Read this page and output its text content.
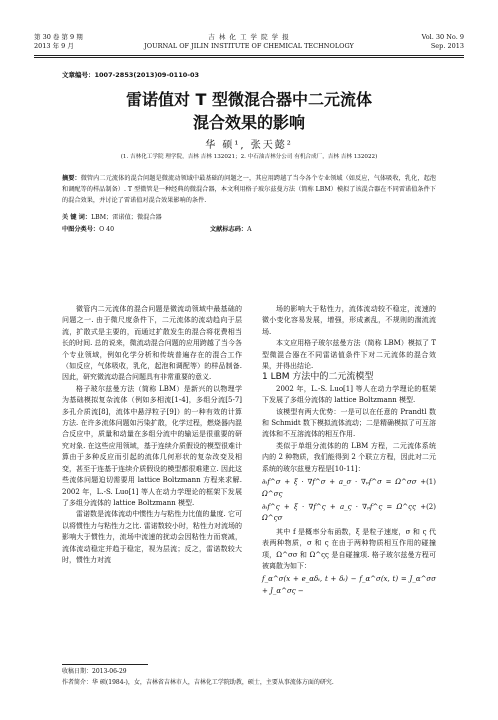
第 30 卷 第 9 期
2013 年 9 月
吉 林 化 工 学 院 学 报
JOURNAL OF JILIN INSTITUTE OF CHEMICAL TECHNOLOGY
Vol. 30 No. 9
Sep. 2013
文章编号：1007-2853(2013)09-0110-03
雷诺值对 T 型微混合器中二元流体
混合效果的影响
华 硕¹, 张天懿²
(1. 吉林化工学院 理学院，吉林 吉林 132021；2. 中石油吉林分公司 有机合成厂，吉林 吉林 132022)
摘要：微管内二元流体的混合问题是微流动领域中最基础的问题之一，其应用跨越了当今各个专业领域（如反应，气体吸收，乳化，起泡和调配等的样品制备）. T 型微管是一种经典的微混合器，本文利用格子玻尔兹曼方法（简称 LBM）模拟了该混合器在不同雷诺值条件下的混合效果，并讨论了雷诺值对混合效果影响的条件.
关 键 词：LBM；雷诺值；微混合器
中图分类号：O 40	文献标志码：A

微管内二元流体的混合问题是微流动领域中最基础的问题之一. 由于微尺度条件下，二元流体的流动趋向于层流，扩散式是主要的，而通过扩散发生的混合将花费相当长的时间. 总的说来，微流动混合问题的应用跨越了当今各个专业领域，例如化学分析和传统普遍存在的混合工作（如反应，气体吸收，乳化，起泡和调配等）的样品制备. 因此，研究微流动混合问题具有非常重要的意义.

格子玻尔兹曼方法（简称 LBM）是新兴的以物理学为基础模拟复杂流体（例如多相流[1-4]，多组分流[5-7] 多孔介质流[8]，流体中悬浮粒子[9]）的一种有效的计算方法. 在许多流体问题如污染扩散，化学过程，燃烧器内混合反应中，质量和动量在多组分流中的输运是很重要的研究对象. 在这些应用领域，基于连续介质假设的模型很难计算由于多种反应而引起的流体几何形状的复杂改变及相变，甚至于连基于连续介质假设的模型都很难建立. 因此这些流体问题迫切需要用 lattice Boltzmann 方程来求解. 2002 年，L.-S. Luo[1] 等人在动力学理论的框架下发展了多组分流体的 lattice Boltzmann 模型.

雷诺数是流体流动中惯性力与粘性力比值的量度. 它可以将惯性力与粘性力之比. 雷诺数较小时，粘性力对流场的影响大于惯性力，流场中流速的扰动会因粘性力而衰减，流体流动稳定并趋于稳定，视为层流；反之，雷诺数较大时，惯性力对流

场的影响大于粘性力，流体流动较不稳定，流速的微小变化容易发展，增强，形成紊乱，不规则的湍流流场.

本文应用格子玻尔兹曼方法（简称 LBM）模拟了 T 型微混合器在不同雷诺值条件下对二元流体的混合效果，并得出结论.

1 LBM 方法中的二元流模型

2002 年，L.-S. Luo[1] 等人在动力学理论的框架下发展了多组分流体的 lattice Boltzmann 模型.

该模型有两大优势：一是可以在任意的 Prandtl 数和 Schmidt 数下模拟流体流动；二是精确模拟了可互溶流体和不互溶流体的相互作用.

类似于单组分流体的的 LBM 方程，二元流体系统内的 2 种物质，我们能得到 2 个联立方程，因此对二元系统的玻尔兹曼方程是[10-11]：

∂ₜf^σ + ξ · ∇f^σ + a_σ · ∇ₚf^σ = Ω^σσ + Ω^σς
(1)
∂ₜf^ς + ξ · ∇f^ς + a_ς · ∇ₚf^ς = Ω^ςς + Ω^ςσ
(2)

其中 f 是概率分布函数，ξ 是粒子速度，σ 和 ς 代表两种物质，σ 和 ς 在由于两种物质相互作用的碰撞项，Ω^σσ 和 Ω^ςς 是自碰撞项. 格子玻尔兹曼方程可被离散为如下：

f_α^σ(x + e_αδₜ, t + δₜ) − f_α^σ(x, t) = J_α^σσ + J_α^σς −
收稿日期：2013-06-29
作者简介：华 硕(1984-)，女，吉林省吉林市人，吉林化工学院助教，硕士，主要从事流体方面的研究.
